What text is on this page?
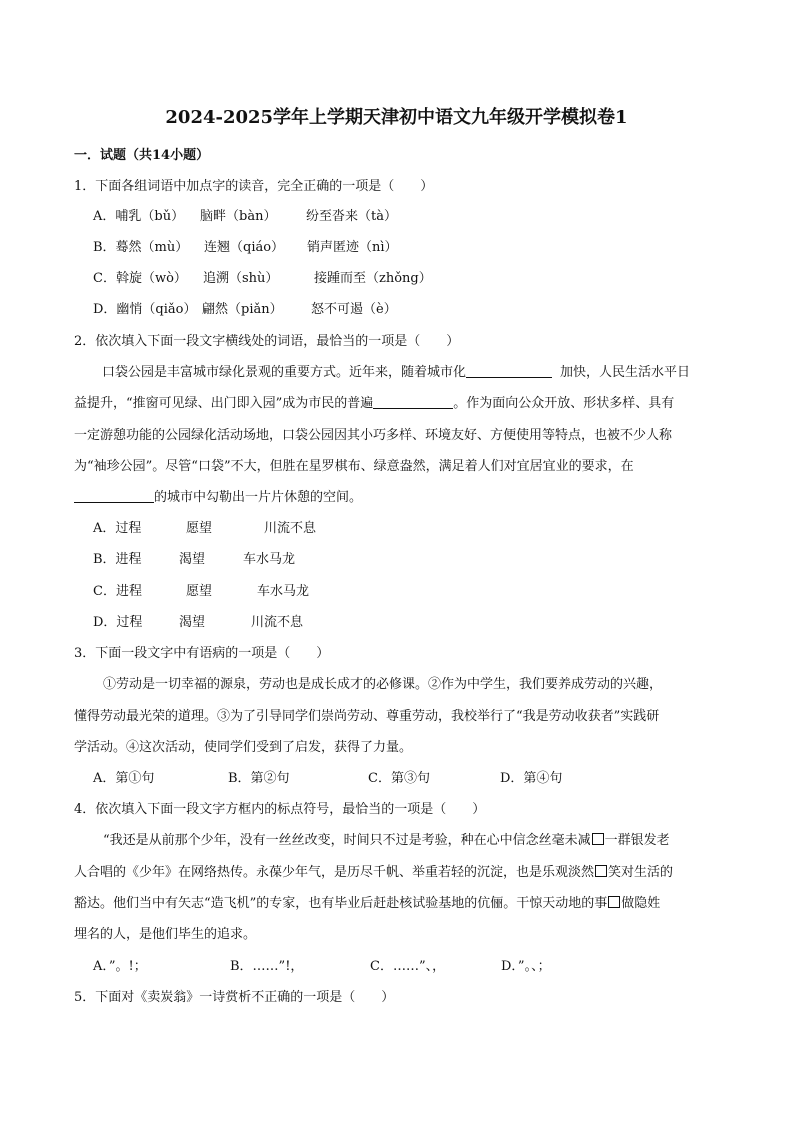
2024-2025学年上学期天津初中语文九年级开学模拟卷1
一．试题（共14小题）
1．下面各组词语中加点字的读音，完全正确的一项是（　　）
A．哺乳（bǔ） 脑畔（bàn） 纷至沓来（tà）
B．蓦然（mù） 连翘（qiáo） 销声匿迹（nì）
C．斡旋（wò） 追溯（shù）	接踵而至（zhǒng）
D．幽悄（qiǎo） 翩然（piǎn） 怒不可遏（è）
2．依次填入下面一段文字横线处的词语，最恰当的一项是（　　）
口袋公园是丰富城市绿化景观的重要方式。近年来，随着城市化	加快，人民生活水平日
益提升，“推窗可见绿、出门即入园”成为市民的普遍	。作为面向公众开放、形状多样、具有
一定游憩功能的公园绿化活动场地，口袋公园因其小巧多样、环境友好、方便使用等特点，也被不少人称
为“袖珍公园”。尽管“口袋”不大，但胜在星罗棋布、绿意盎然，满足着人们对宜居宜业的要求，在
的城市中勾勒出一片片休憩的空间。
A．过程	愿望	川流不息
B．进程	渴望	车水马龙
C．进程	愿望	车水马龙
D．过程	渴望	川流不息
3．下面一段文字中有语病的一项是（　　）
①劳动是一切幸福的源泉，劳动也是成长成才的必修课。②作为中学生，我们要养成劳动的兴趣，
懂得劳动最光荣的道理。③为了引导同学们崇尚劳动、尊重劳动，我校举行了“我是劳动收获者”实践研
学活动。④这次活动，使同学们受到了启发，获得了力量。
A．第①句	B．第②句	C．第③句	D．第④句
4．依次填入下面一段文字方框内的标点符号，最恰当的一项是（　　）
“我还是从前那个少年，没有一丝丝改变，时间只不过是考验，种在心中信念丝毫未减 一群银发老
人合唱的《少年》在网络热传。永葆少年气，是历尽千帆、举重若轻的沉淀，也是乐观淡然 笑对生活的
豁达。他们当中有矢志“造飞机”的专家，也有毕业后赶赴核试验基地的伉俪。干惊天动地的事 做隐姓
埋名的人，是他们毕生的追求。
A．”。!；	B．……”!，	C．……”、，	D．”。、；
5．下面对《卖炭翁》一诗赏析不正确的一项是（　　）
